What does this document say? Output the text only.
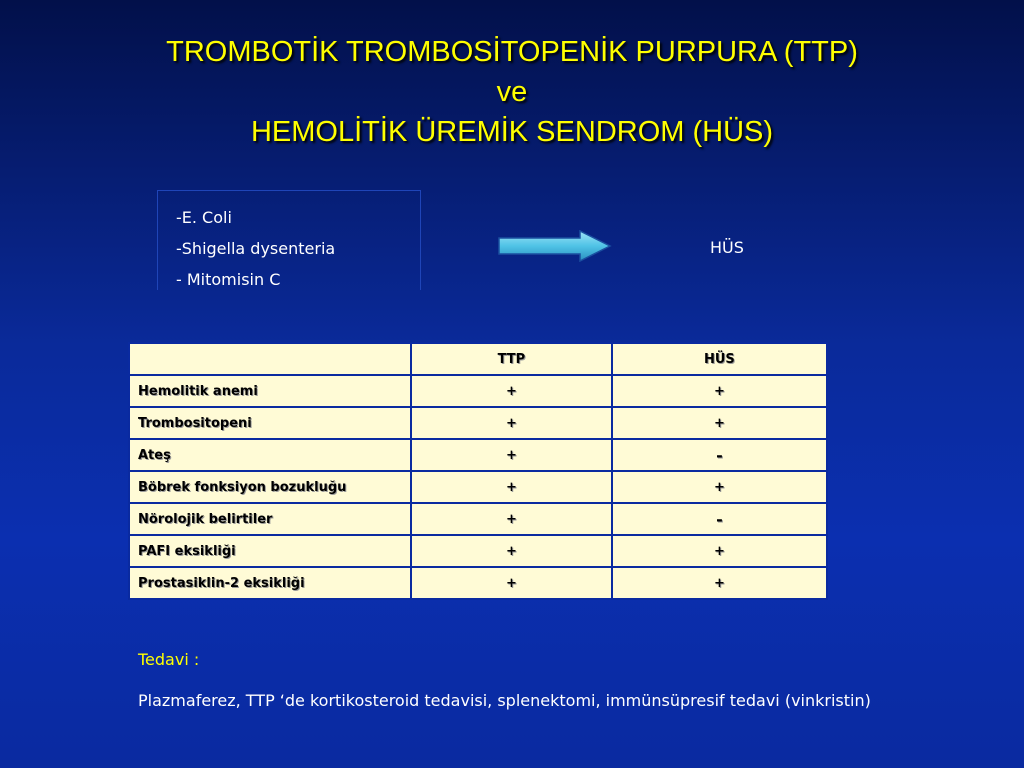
TROMBOTİK TROMBOSİTOPENİK PURPURA (TTP)
ve
HEMOLİTİK ÜREMİK SENDROM (HÜS)
-E. Coli
-Shigella dysenteria
- Mitomisin C
HÜS
	TTP	HÜS
Hemolitik anemi	+	+
Trombositopeni	+	+
Ateş	+	-
Böbrek fonksiyon bozukluğu	+	+
Nörolojik belirtiler	+	-
PAFI eksikliği	+	+
Prostasiklin-2 eksikliği	+	+
Tedavi :
Plazmaferez, TTP ‘de kortikosteroid tedavisi, splenektomi, immünsüpresif tedavi (vinkristin)
